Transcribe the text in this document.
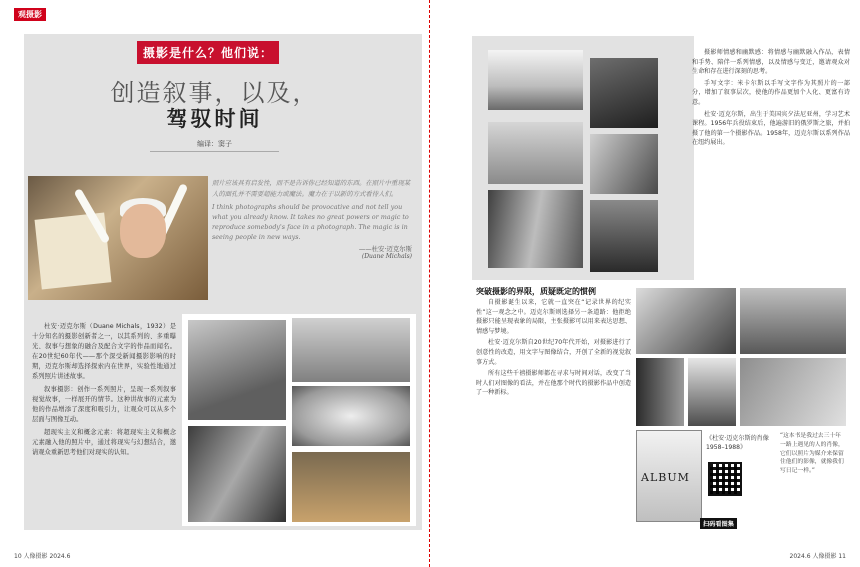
观摄影
摄影是什么？他们说：
创造叙事，以及，
驾驭时间
编译：窦子
照片应该具有启发性，而不是告诉你已经知道的东西。在照片中重现某人的面孔并不需要超能力或魔法。魔力在于以新的方式看待人们。
I think photographs should be provocative and not tell you what you already know. It takes no great powers or magic to reproduce somebody's face in a photograph. The magic is in seeing people in new ways.
——杜安·迈克尔斯
(Duane Michals)

杜安·迈克尔斯（Duane Michals，1932）是十分知名的摄影创新者之一，以其系列的、多重曝光、叙事与想象的融合及配合文字的作品而闻名。在20世纪60年代——那个深受新闻摄影影响的时期，迈克尔斯却选择探索内在世界，实验性地通过系列照片讲述故事。

叙事摄影：创作一系列照片，呈现一系列叙事视觉故事，一样展开的情节。这种讲故事的元素为他的作品增添了深度和吸引力，让观众可以从多个层面与图像互动。

超现实主义和概念元素：将超现实主义和概念元素融入他的照片中，通过将现实与幻想结合，邀请观众重新思考他们对现实的认知。

10 人像摄影 2024.6

摄影师情感和幽默感：将情感与幽默融入作品，表情和手势、陪伴一系列情感，以及情感与变迁，邀请观众对生命和存在进行深刻的思考。

手写文字：米卡尔斯以手写文字作为其照片的一部分，增加了叙事层次，使他的作品更加个人化、更富有诗意。

杜安·迈克尔斯，出生于美国宾夕法尼亚州，学习艺术课程。1956年兵役结束后，他遍游旧的俄罗斯之旅，并拍摄了他的第一个摄影作品。1958年，迈克尔斯以系列作品在纽约展出。

突破摄影的界限，质疑既定的惯例

自摄影诞生以来，它就一直突在“记录世界的纪实性”这一观念之中。迈克尔斯则选择另一条道路：他拒绝摄影只能呈现表象的局限，主张摄影可以用来表达思想、情感与梦境。

杜安·迈克尔斯自20世纪70年代开始，对摄影进行了创意性的改造，用文字与图像结合，开创了全新的视觉叙事方式。

所有这些千禧摄影师都在寻求与时间对话，改变了当时人们对图像的看法，并在他那个时代的摄影作品中创造了一种新标。

ALBUM
《杜安·迈克尔斯的肖像 1958–1988》
扫码看图集
“这本书是我过去三十年一路上遇见的人的肖像，它们以照片为媒介来保留住他们的影像，就像我们写日记一样。”
2024.6 人像摄影 11
